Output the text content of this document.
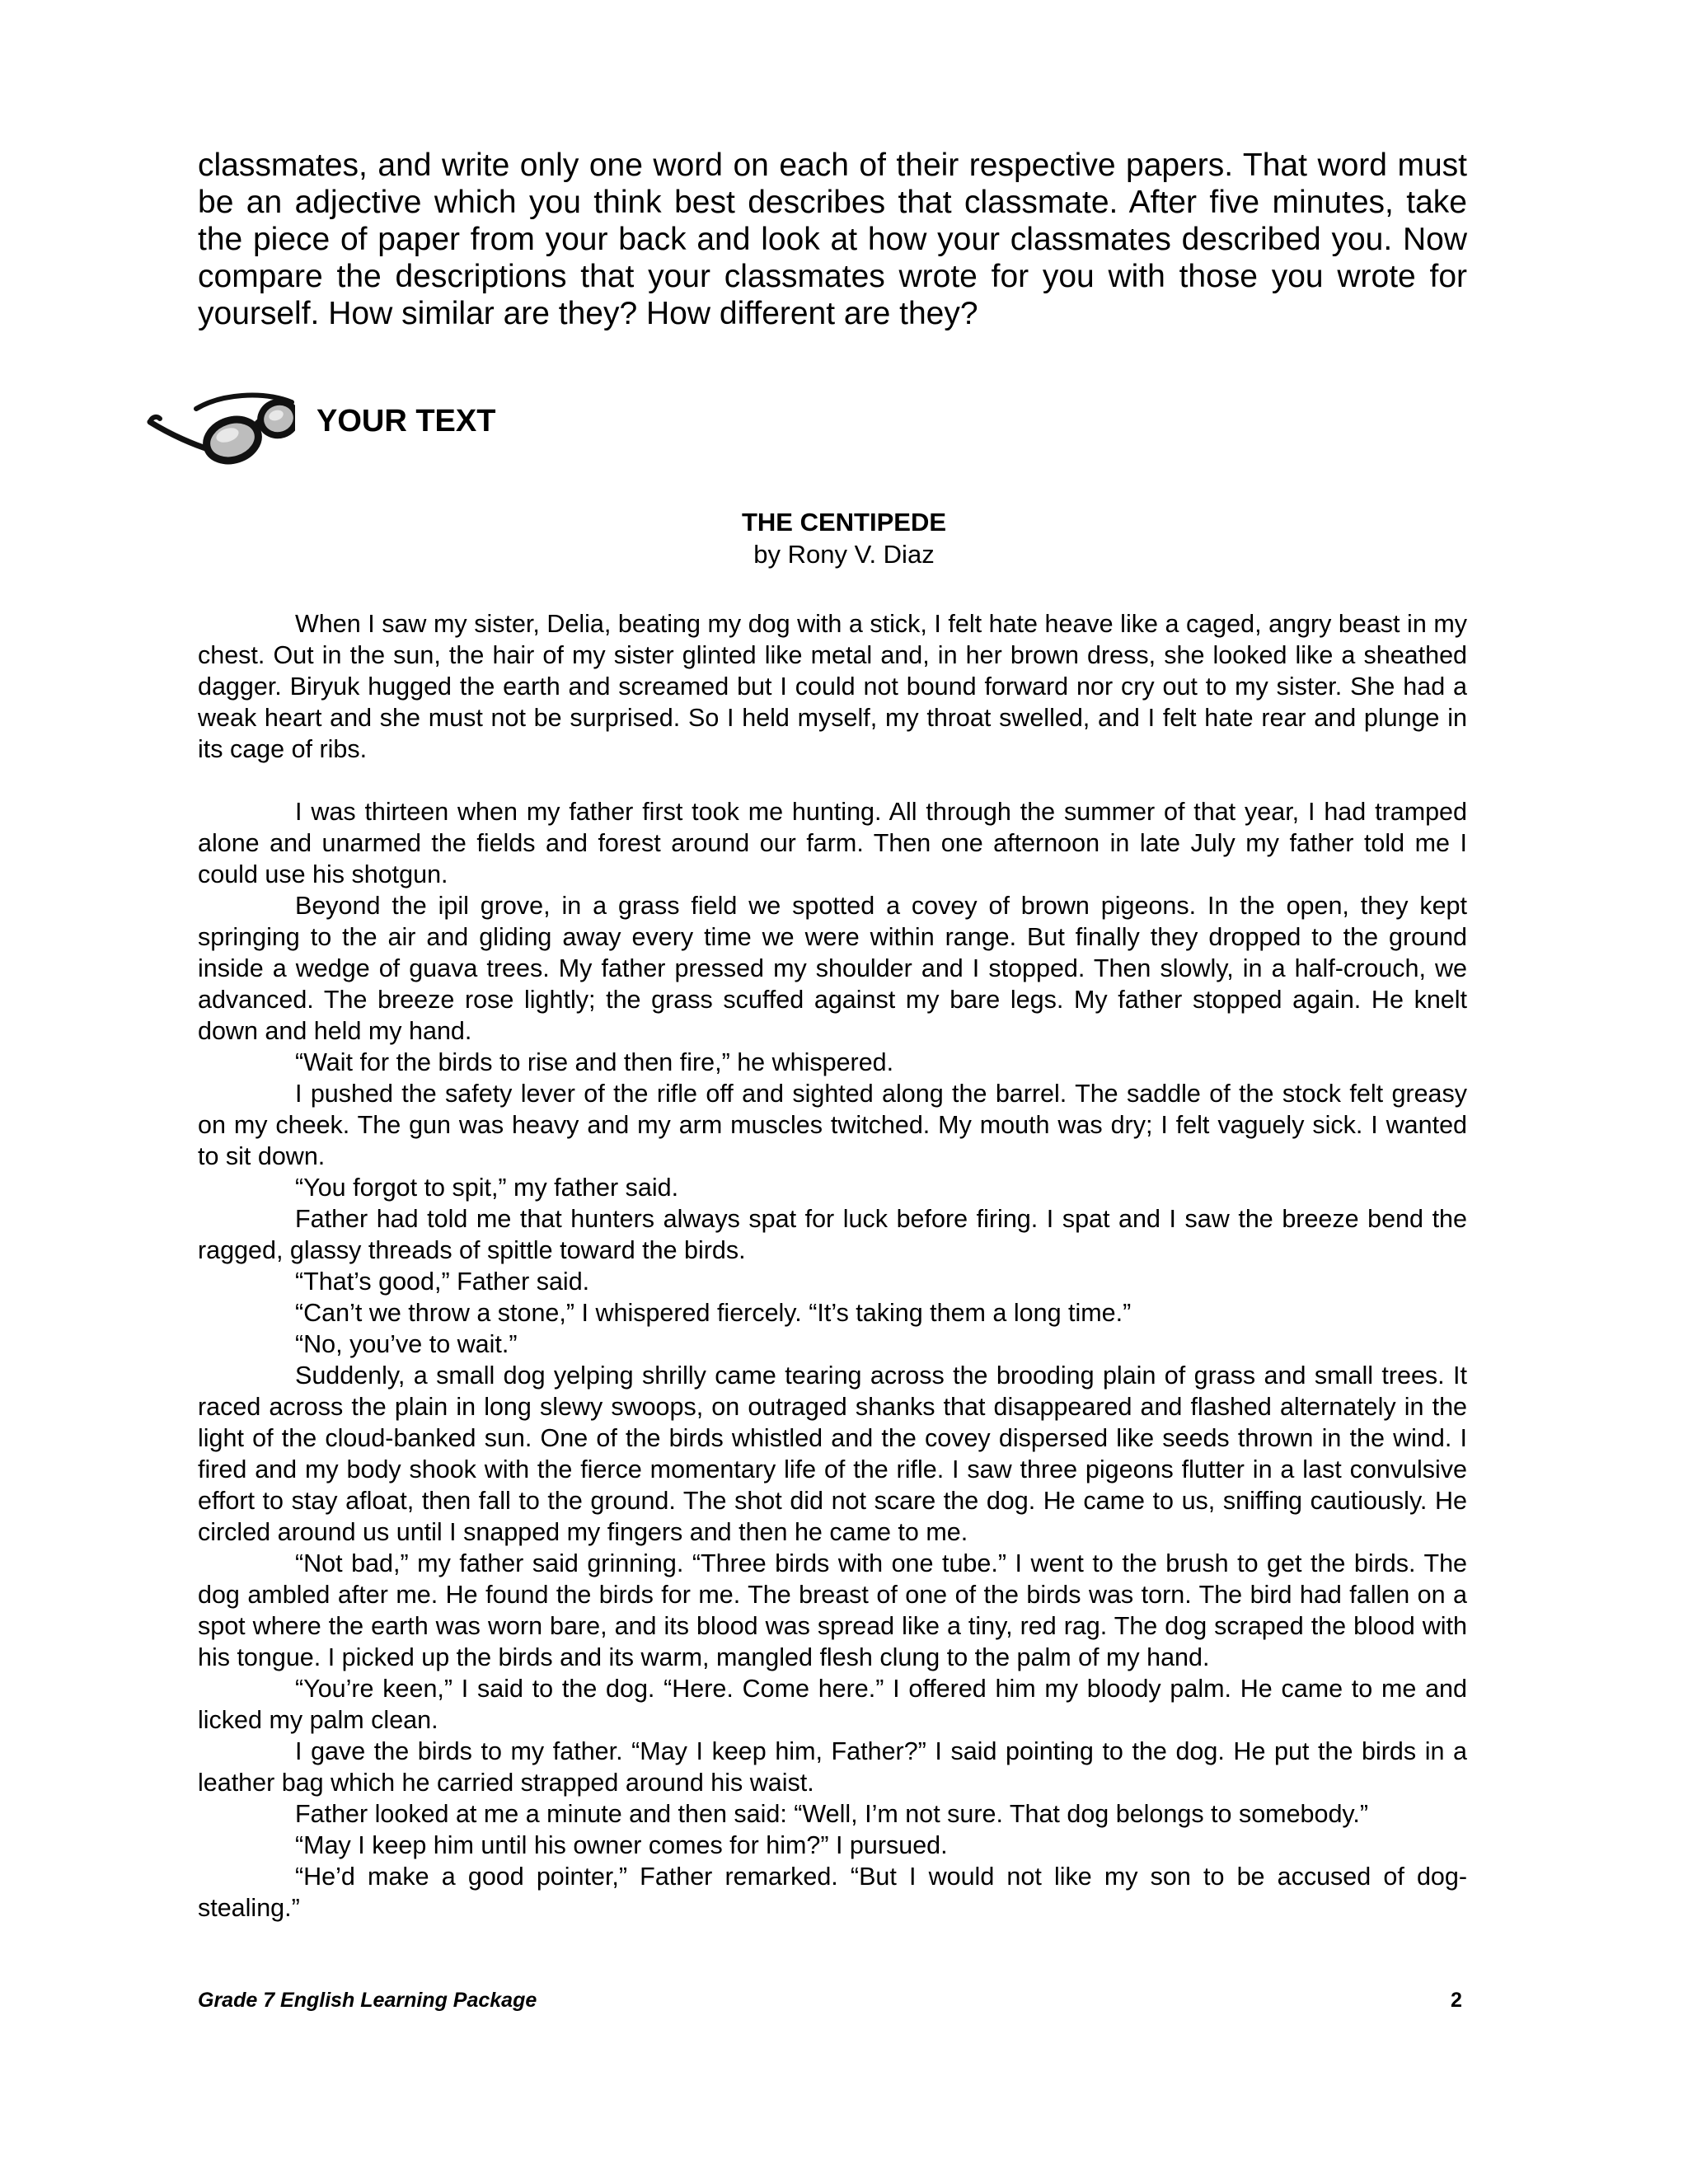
classmates, and write only one word on each of their respective papers. That word must
be an adjective which you think best describes that classmate. After five minutes, take
the piece of paper from your back and look at how your classmates described you. Now
compare the descriptions that your classmates wrote for you with those you wrote for
yourself. How similar are they? How different are they?
YOUR TEXT
THE CENTIPEDE
by Rony V. Diaz

When I saw my sister, Delia, beating my dog with a stick, I felt hate heave like a caged, angry beast in my chest. Out in the sun, the hair of my sister glinted like metal and, in her brown dress, she looked like a sheathed dagger. Biryuk hugged the earth and screamed but I could not bound forward nor cry out to my sister. She had a weak heart and she must not be surprised. So I held myself, my throat swelled, and I felt hate rear and plunge in its cage of ribs.

I was thirteen when my father first took me hunting. All through the summer of that year, I had tramped alone and unarmed the fields and forest around our farm. Then one afternoon in late July my father told me I could use his shotgun.

Beyond the ipil grove, in a grass field we spotted a covey of brown pigeons. In the open, they kept springing to the air and gliding away every time we were within range. But finally they dropped to the ground inside a wedge of guava trees. My father pressed my shoulder and I stopped. Then slowly, in a half-crouch, we advanced. The breeze rose lightly; the grass scuffed against my bare legs. My father stopped again. He knelt down and held my hand.

“Wait for the birds to rise and then fire,” he whispered.

I pushed the safety lever of the rifle off and sighted along the barrel. The saddle of the stock felt greasy on my cheek. The gun was heavy and my arm muscles twitched. My mouth was dry; I felt vaguely sick. I wanted to sit down.

“You forgot to spit,” my father said.

Father had told me that hunters always spat for luck before firing. I spat and I saw the breeze bend the ragged, glassy threads of spittle toward the birds.

“That’s good,” Father said.

“Can’t we throw a stone,” I whispered fiercely. “It’s taking them a long time.”

“No, you’ve to wait.”

Suddenly, a small dog yelping shrilly came tearing across the brooding plain of grass and small trees. It raced across the plain in long slewy swoops, on outraged shanks that disappeared and flashed alternately in the light of the cloud-banked sun. One of the birds whistled and the covey dispersed like seeds thrown in the wind. I fired and my body shook with the fierce momentary life of the rifle. I saw three pigeons flutter in a last convulsive effort to stay afloat, then fall to the ground. The shot did not scare the dog. He came to us, sniffing cautiously. He circled around us until I snapped my fingers and then he came to me.

“Not bad,” my father said grinning. “Three birds with one tube.” I went to the brush to get the birds. The dog ambled after me. He found the birds for me. The breast of one of the birds was torn. The bird had fallen on a spot where the earth was worn bare, and its blood was spread like a tiny, red rag. The dog scraped the blood with his tongue. I picked up the birds and its warm, mangled flesh clung to the palm of my hand.

“You’re keen,” I said to the dog. “Here. Come here.” I offered him my bloody palm. He came to me and licked my palm clean.

I gave the birds to my father. “May I keep him, Father?” I said pointing to the dog. He put the birds in a leather bag which he carried strapped around his waist.

Father looked at me a minute and then said: “Well, I’m not sure. That dog belongs to somebody.”

“May I keep him until his owner comes for him?” I pursued.

“He’d make a good pointer,” Father remarked. “But I would not like my son to be accused of dog-stealing.”

Grade 7 English Learning Package	2
